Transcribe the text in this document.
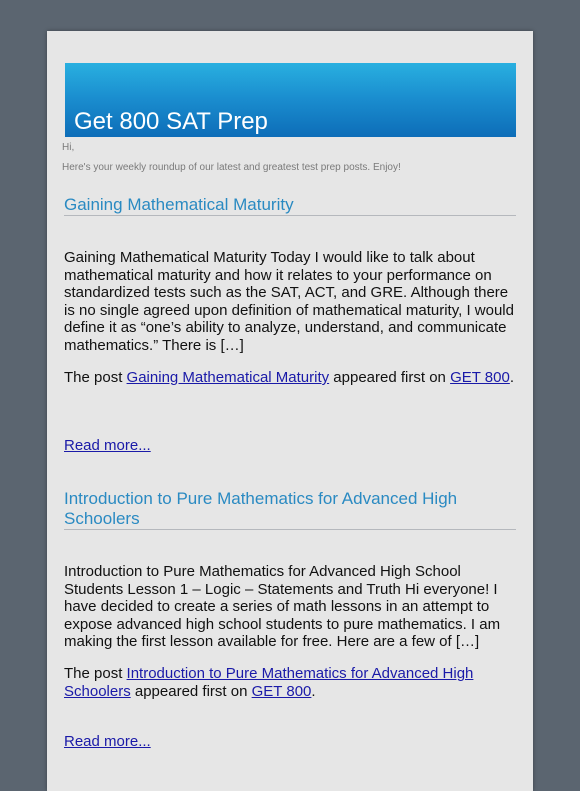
Get 800 SAT Prep
Hi,
Here's your weekly roundup of our latest and greatest test prep posts. Enjoy!
Gaining Mathematical Maturity

Gaining Mathematical Maturity Today I would like to talk about mathematical maturity and how it relates to your performance on standardized tests such as the SAT, ACT, and GRE. Although there is no single agreed upon definition of mathematical maturity, I would define it as “one’s ability to analyze, understand, and communicate mathematics.” There is […]

The post Gaining Mathematical Maturity appeared first on GET 800.

Read more...

Introduction to Pure Mathematics for Advanced High Schoolers

Introduction to Pure Mathematics for Advanced High School Students Lesson 1 – Logic – Statements and Truth Hi everyone! I have decided to create a series of math lessons in an attempt to expose advanced high school students to pure mathematics. I am making the first lesson available for free. Here are a few of […]

The post Introduction to Pure Mathematics for Advanced High Schoolers appeared first on GET 800.

Read more...
